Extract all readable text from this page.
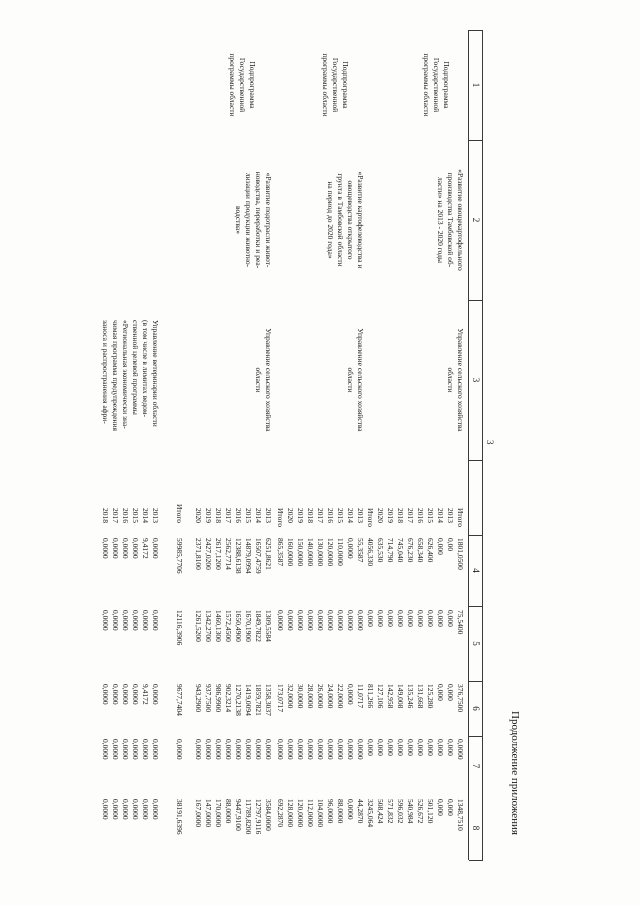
Продолжение приложения
3
1
2
3
4
5
6
7
8
Подпрограмма
Государственной
программы области
«Развитие овощекартофельного
производства Тамбовской об-
ласти» на 2013 - 2020 годы
Управление сельского хозяйства
области
Итого
1801,0500
75,5400
376,7500
0,0000
1348,7510
2013
0,00
0,000
0,000
0,000
0,000
2014
0,000
0,000
0,000
0,000
0,000
2015
626,400
0,000
125,280
0,000
501,120
2016
658,340
0,000
131,668
0,000
526,672
2017
676,230
0,000
135,246
0,000
540,984
2018
745,040
0,000
149,008
0,000
596,032
2019
714,790
0,000
142,958
0,000
571,832
2020
635,530
0,000
127,106
0,000
508,424
Итого
4056,330
0,000
811,266
0,000
3245,064
Подпрограмма
Государственной
программы области
«Развитие картофелеводства и
овощеводства открытого
грунта в Тамбовской области
на период до 2020 года»
Управление сельского хозяйства
области
2013
55,3587
0,0000
11,0717
0,0000
44,2870
2014
0,0000
0,0000
0,0000
0,0000
0,0000
2015
110,0000
0,0000
22,0000
0,0000
88,0000
2016
120,0000
0,0000
24,0000
0,0000
96,0000
2017
130,0000
0,0000
26,0000
0,0000
104,0000
2018
140,0000
0,0000
28,0000
0,0000
112,0000
2019
150,0000
0,0000
30,0000
0,0000
120,0000
2020
160,0000
0,0000
32,0000
0,0000
128,0000
Итого
865,3587
0,0000
173,0717
0,0000
692,2870
Подпрограмма
Государственной
программы области
«Развитие подотрасли живот-
новодства, переработки и реа-
лизации продукции животно-
водства»
Управление сельского хозяйства
области
2013
6251,8621
1309,5584
1358,3037
0,0000
3584,0000
2014
16507,4759
1849,7822
1859,7821
0,0000
12797,9116
2015
14879,0994
1670,1900
1419,0094
0,0000
11789,8200
2016
12388,6138
1650,4900
1270,2138
0,0000
9447,9100
2017
2562,7714
1572,4500
902,3214
0,0000
88,0000
2018
2617,1200
1460,1300
986,9900
0,0000
170,0000
2019
2427,0200
1342,2700
937,7500
0,0000
147,0000
2020
2371,8100
1261,5200
943,2900
0,0000
167,0000
Итого
59985,7706
12116,3906
9677,7404
0,0000
38191,6396
Управление ветеринарии области
(в том числе в лимитах ведом-
ственной целевой программы
«Региональная экономически зна-
чимая программа предупреждения
заноса и распространения афри-
2013
0,0000
0,0000
0,0000
0,0000
0,0000
2014
9,4172
0,0000
9,4172
0,0000
0,0000
2015
0,0000
0,0000
0,0000
0,0000
0,0000
2016
0,0000
0,0000
0,0000
0,0000
0,0000
2017
0,0000
0,0000
0,0000
0,0000
0,0000
2018
0,0000
0,0000
0,0000
0,0000
0,0000
